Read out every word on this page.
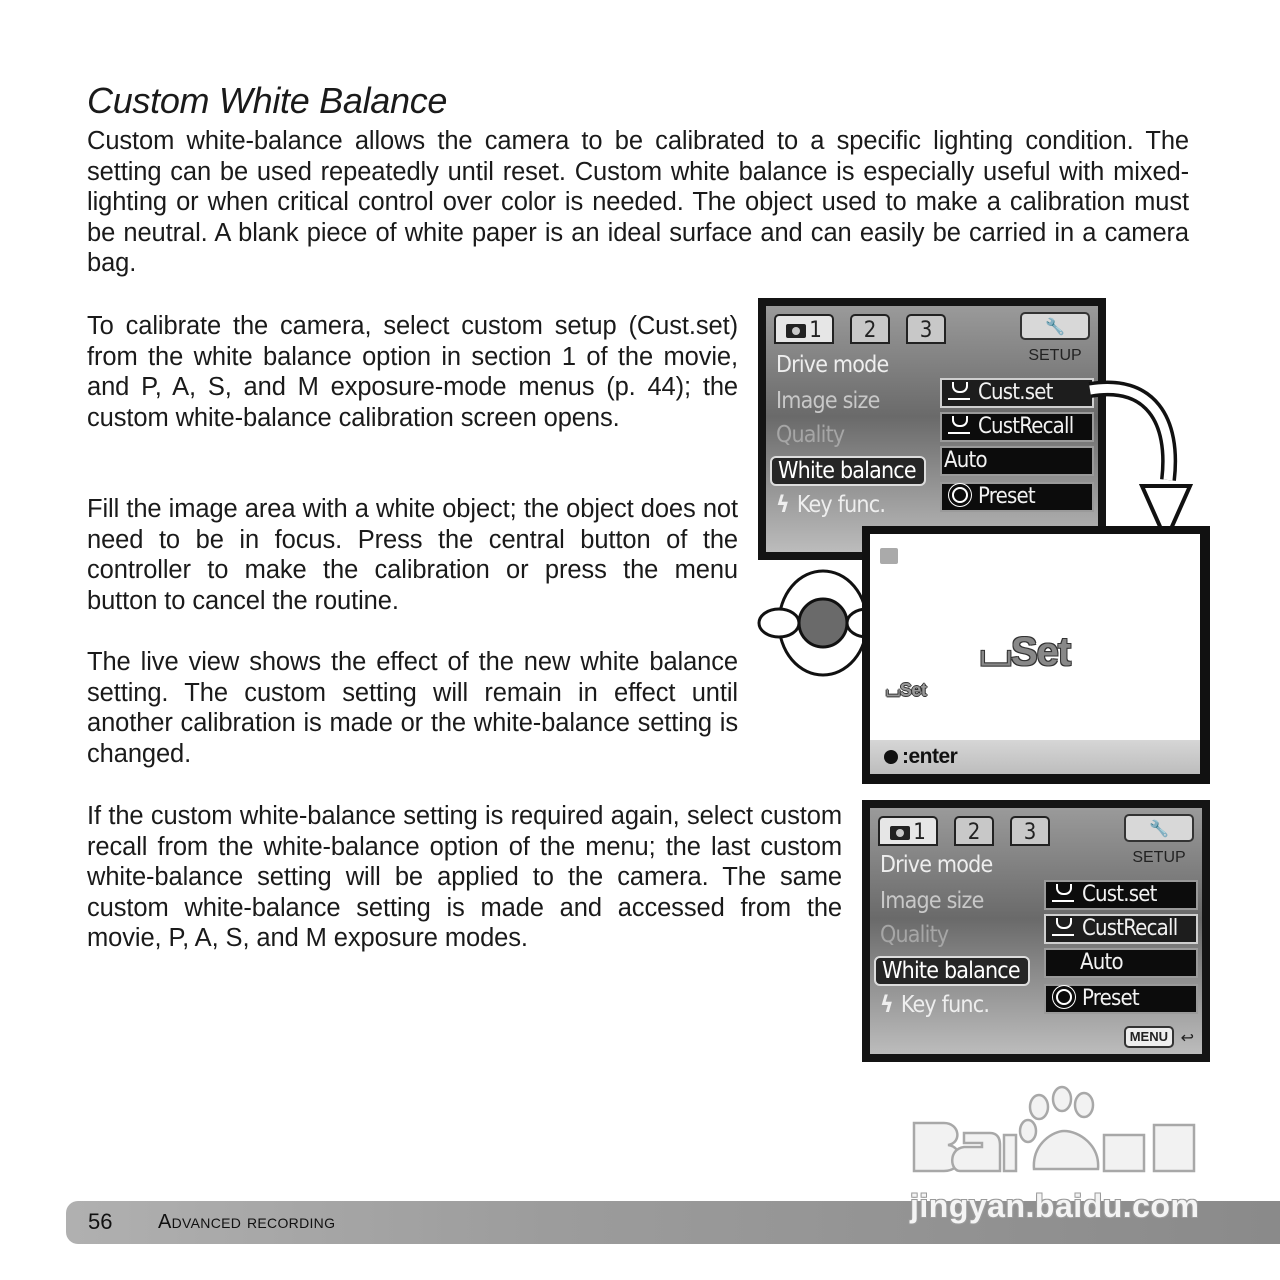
Custom White Balance

Custom white-balance allows the camera to be calibrated to a specific lighting condition. The setting can be used repeatedly until reset. Custom white balance is especially useful with mixed-lighting or when critical control over color is needed. The object used to make a calibration must be neutral. A blank piece of white paper is an ideal surface and can easily be carried in a camera bag.

To calibrate the camera, select custom setup (Cust.set) from the white balance option in section 1 of the movie, and P, A, S, and M exposure-mode menus (p. 44); the custom white-balance calibration screen opens.

Fill the image area with a white object; the object does not need to be in focus. Press the central button of the controller to make the calibration or press the menu button to cancel the routine.

The live view shows the effect of the new white balance setting. The custom setting will remain in effect until another calibration is made or the white-balance setting is changed.

If the custom white-balance setting is required again, select custom recall from the white-balance option of the menu; the last custom white-balance setting will be applied to the camera. The same custom white-balance setting is made and accessed from the movie, P, A, S, and M exposure modes.

1	2	3	🔧SETUP
Drive mode
Image size
Quality
White balance
ϟ Key func.
Cust.set
CustRecall
Auto
Preset
⌴Set
⌴Set
:enter
1	2	3	🔧SETUP
Drive mode
Image size
Quality
White balance
ϟ Key func.
Cust.set
CustRecall
Auto
Preset
MENU ↩
56 Advanced recording	jingyan.baidu.com
